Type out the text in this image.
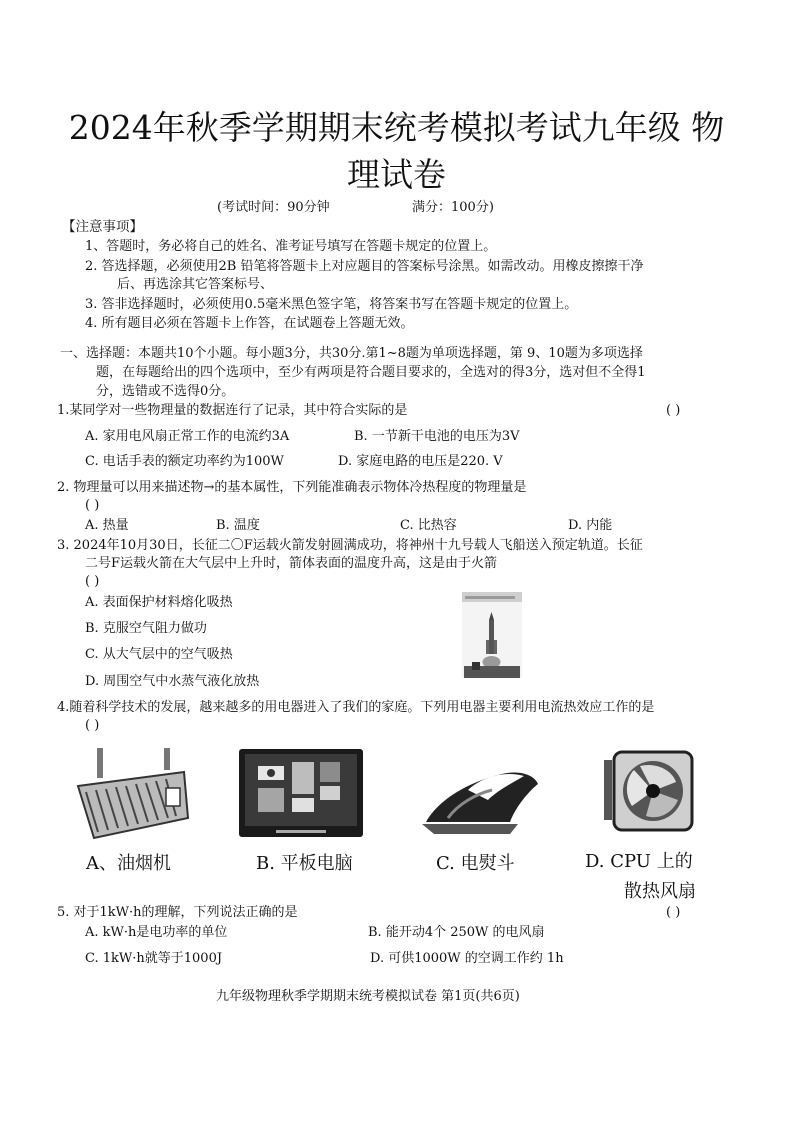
2024年秋季学期期末统考模拟考试九年级 物
理试卷
(考试时间：90分钟	满分：100分)
【注意事项】
1、答题时，务必将自己的姓名、准考证号填写在答题卡规定的位置上。
2. 答选择题，必须使用2B 铅笔将答题卡上对应题目的答案标号涂黑。如需改动。用橡皮擦擦干净
后、再选涂其它答案标号、
3. 答非选择题时，必须使用0.5毫米黑色签字笔，将答案书写在答题卡规定的位置上。
4. 所有题目必须在答题卡上作答，在试题卷上答题无效。
一、选择题：本题共10个小题。每小题3分，共30分.第1~8题为单项选择题，第 9、10题为多项选择
题，在每题给出的四个选项中，至少有两项是符合题目要求的，全选对的得3分，选对但不全得1
分，选错或不选得0分。
1.某同学对一些物理量的数据连行了记录，其中符合实际的是	( )
A. 家用电风扇正常工作的电流约3A	B. 一节新干电池的电压为3V
C. 电话手表的额定功率约为100W	D. 家庭电路的电压是220. V
2. 物理量可以用来描述物→的基本属性，下列能准确表示物体冷热程度的物理量是
( )
A. 热量	B. 温度	C. 比热容	D. 内能
3. 2024年10月30日，长征二〇F运载火箭发射圆满成功，将神州十九号载人飞船送入预定轨道。长征
二号F运载火箭在大气层中上升时，箭体表面的温度升高，这是由于火箭
( )
A. 表面保护材料熔化吸热
B. 克服空气阻力做功
C. 从大气层中的空气吸热
D. 周围空气中水蒸气液化放热
4.随着科学技术的发展，越来越多的用电器进入了我们的家庭。下列用电器主要利用电流热效应工作的是
( )
A、油烟机	B. 平板电脑	C. 电熨斗	D. CPU 上的
散热风扇
5. 对于1kW·h的理解，下列说法正确的是	( )
A. kW·h是电功率的单位	B. 能开动4个 250W 的电风扇
C. 1kW·h就等于1000J	D. 可供1000W 的空调工作约 1h
九年级物理秋季学期期末统考模拟试卷 第1页(共6页)
